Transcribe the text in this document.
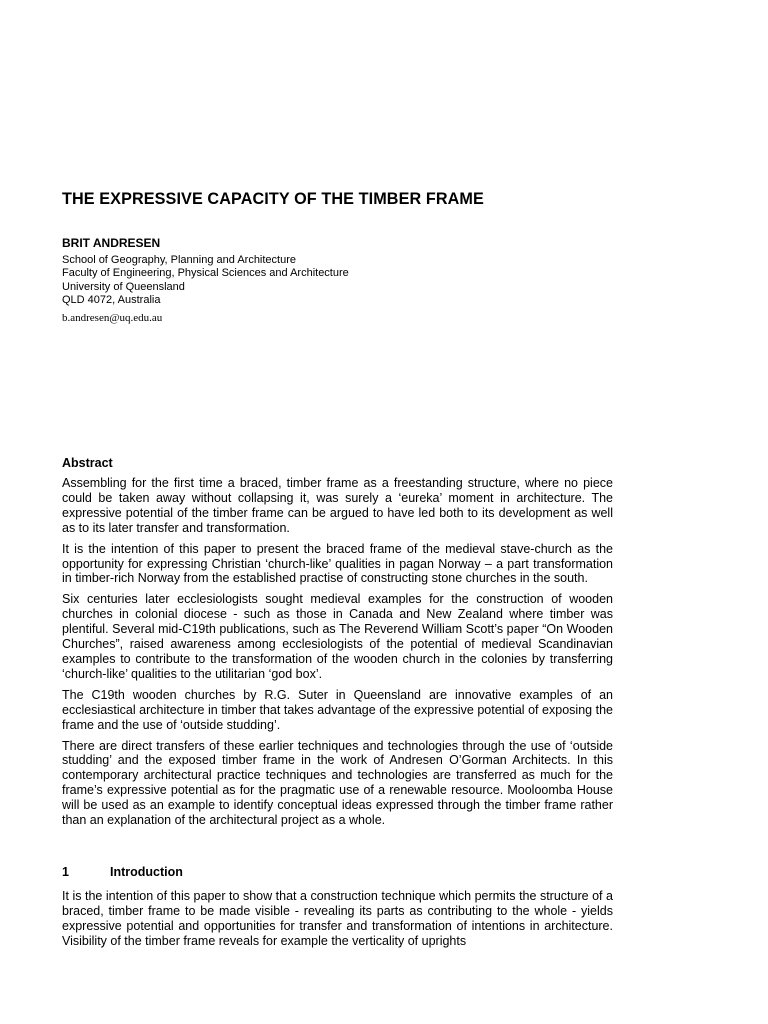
THE EXPRESSIVE CAPACITY OF THE TIMBER FRAME
BRIT ANDRESEN
School of Geography, Planning and Architecture
Faculty of Engineering, Physical Sciences and Architecture
University of Queensland
QLD 4072, Australia
b.andresen@uq.edu.au
Abstract

Assembling for the first time a braced, timber frame as a freestanding structure, where no piece could be taken away without collapsing it, was surely a ‘eureka’ moment in architecture. The expressive potential of the timber frame can be argued to have led both to its development as well as to its later transfer and transformation.

It is the intention of this paper to present the braced frame of the medieval stave-church as the opportunity for expressing Christian ‘church-like’ qualities in pagan Norway – a part transformation in timber-rich Norway from the established practise of constructing stone churches in the south.

Six centuries later ecclesiologists sought medieval examples for the construction of wooden churches in colonial diocese - such as those in Canada and New Zealand where timber was plentiful. Several mid-C19th publications, such as The Reverend William Scott’s paper “On Wooden Churches”, raised awareness among ecclesiologists of the potential of medieval Scandinavian examples to contribute to the transformation of the wooden church in the colonies by transferring ‘church-like’ qualities to the utilitarian ‘god box’.

The C19th wooden churches by R.G. Suter in Queensland are innovative examples of an ecclesiastical architecture in timber that takes advantage of the expressive potential of exposing the frame and the use of ‘outside studding’.

There are direct transfers of these earlier techniques and technologies through the use of ‘outside studding’ and the exposed timber frame in the work of Andresen O’Gorman Architects. In this contemporary architectural practice techniques and technologies are transferred as much for the frame’s expressive potential as for the pragmatic use of a renewable resource. Mooloomba House will be used as an example to identify conceptual ideas expressed through the timber frame rather than an explanation of the architectural project as a whole.

1	Introduction

It is the intention of this paper to show that a construction technique which permits the structure of a braced, timber frame to be made visible - revealing its parts as contributing to the whole - yields expressive potential and opportunities for transfer and transformation of intentions in architecture. Visibility of the timber frame reveals for example the verticality of uprights
